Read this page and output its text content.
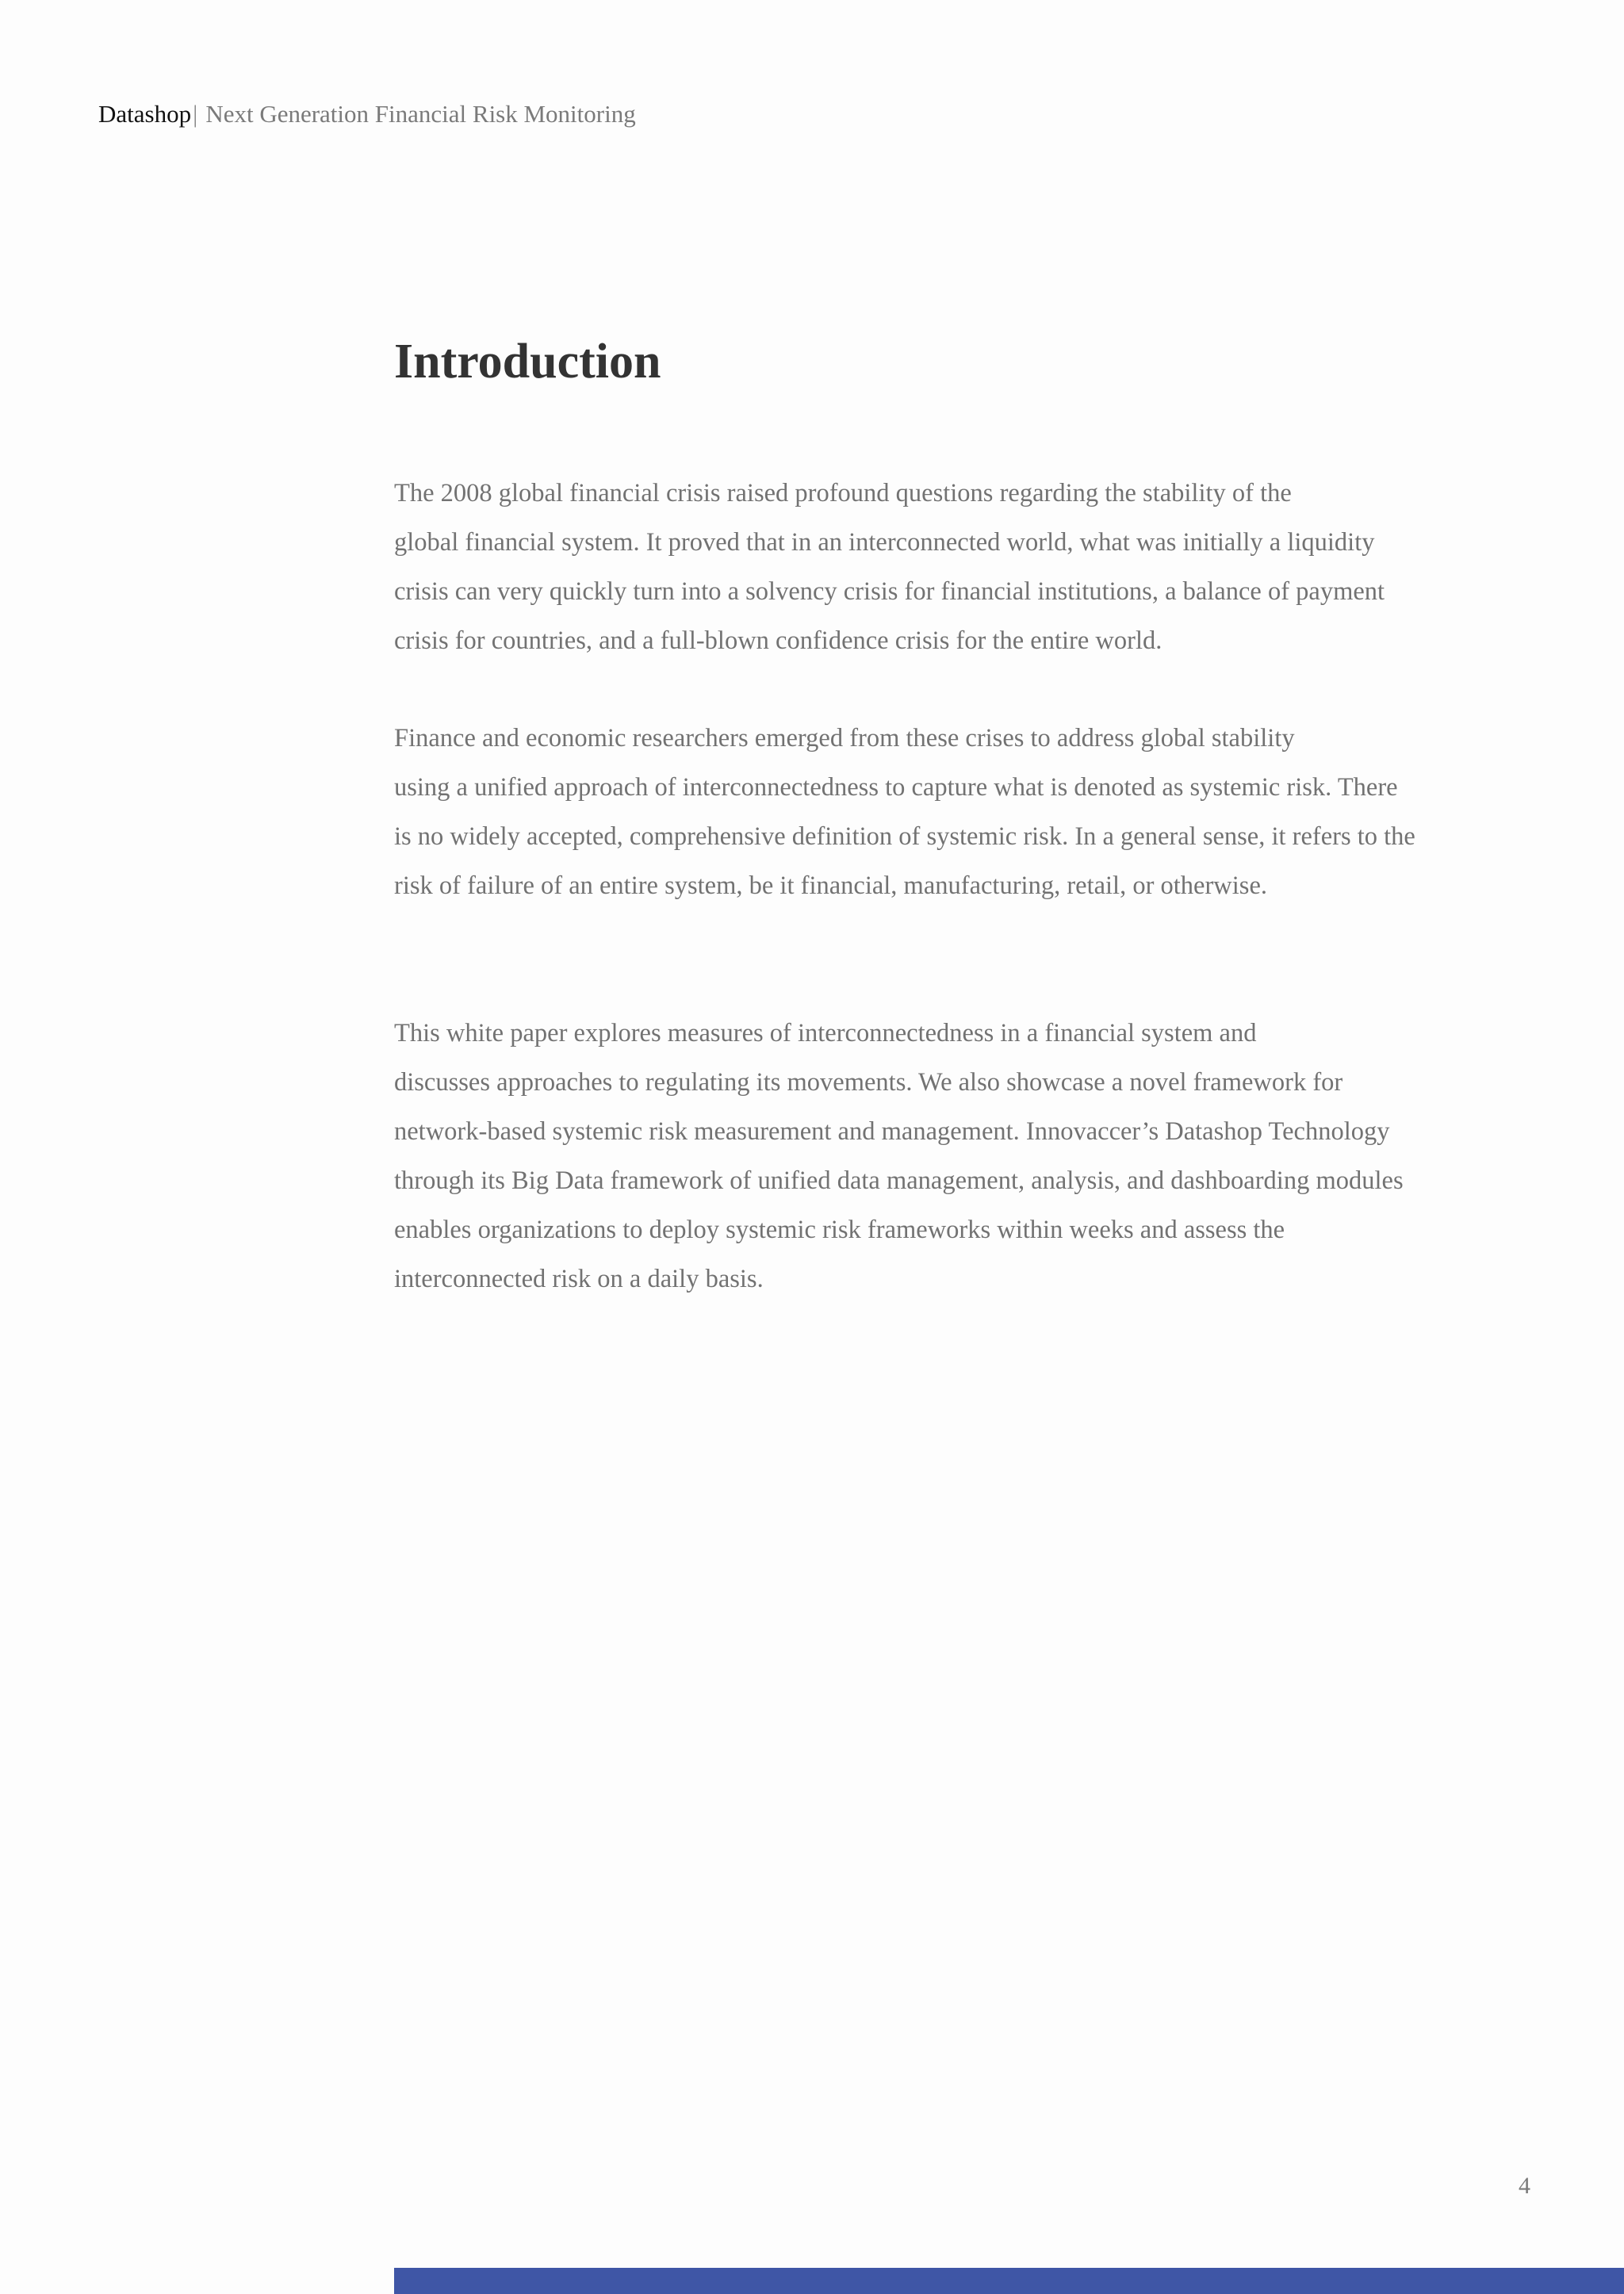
Datashop| Next Generation Financial Risk Monitoring
Introduction

The 2008 global financial crisis raised profound questions regarding the stability of the
global financial system. It proved that in an interconnected world, what was initially a liquidity
crisis can very quickly turn into a solvency crisis for financial institutions, a balance of payment
crisis for countries, and a full-blown confidence crisis for the entire world.

Finance and economic researchers emerged from these crises to address global stability
using a unified approach of interconnectedness to capture what is denoted as systemic risk. There
is no widely accepted, comprehensive definition of systemic risk. In a general sense, it refers to the
risk of failure of an entire system, be it financial, manufacturing, retail, or otherwise.

This white paper explores measures of interconnectedness in a financial system and
discusses approaches to regulating its movements. We also showcase a novel framework for
network-based systemic risk measurement and management. Innovaccer’s Datashop Technology
through its Big Data framework of unified data management, analysis, and dashboarding modules
enables organizations to deploy systemic risk frameworks within weeks and assess the
interconnected risk on a daily basis.

4
